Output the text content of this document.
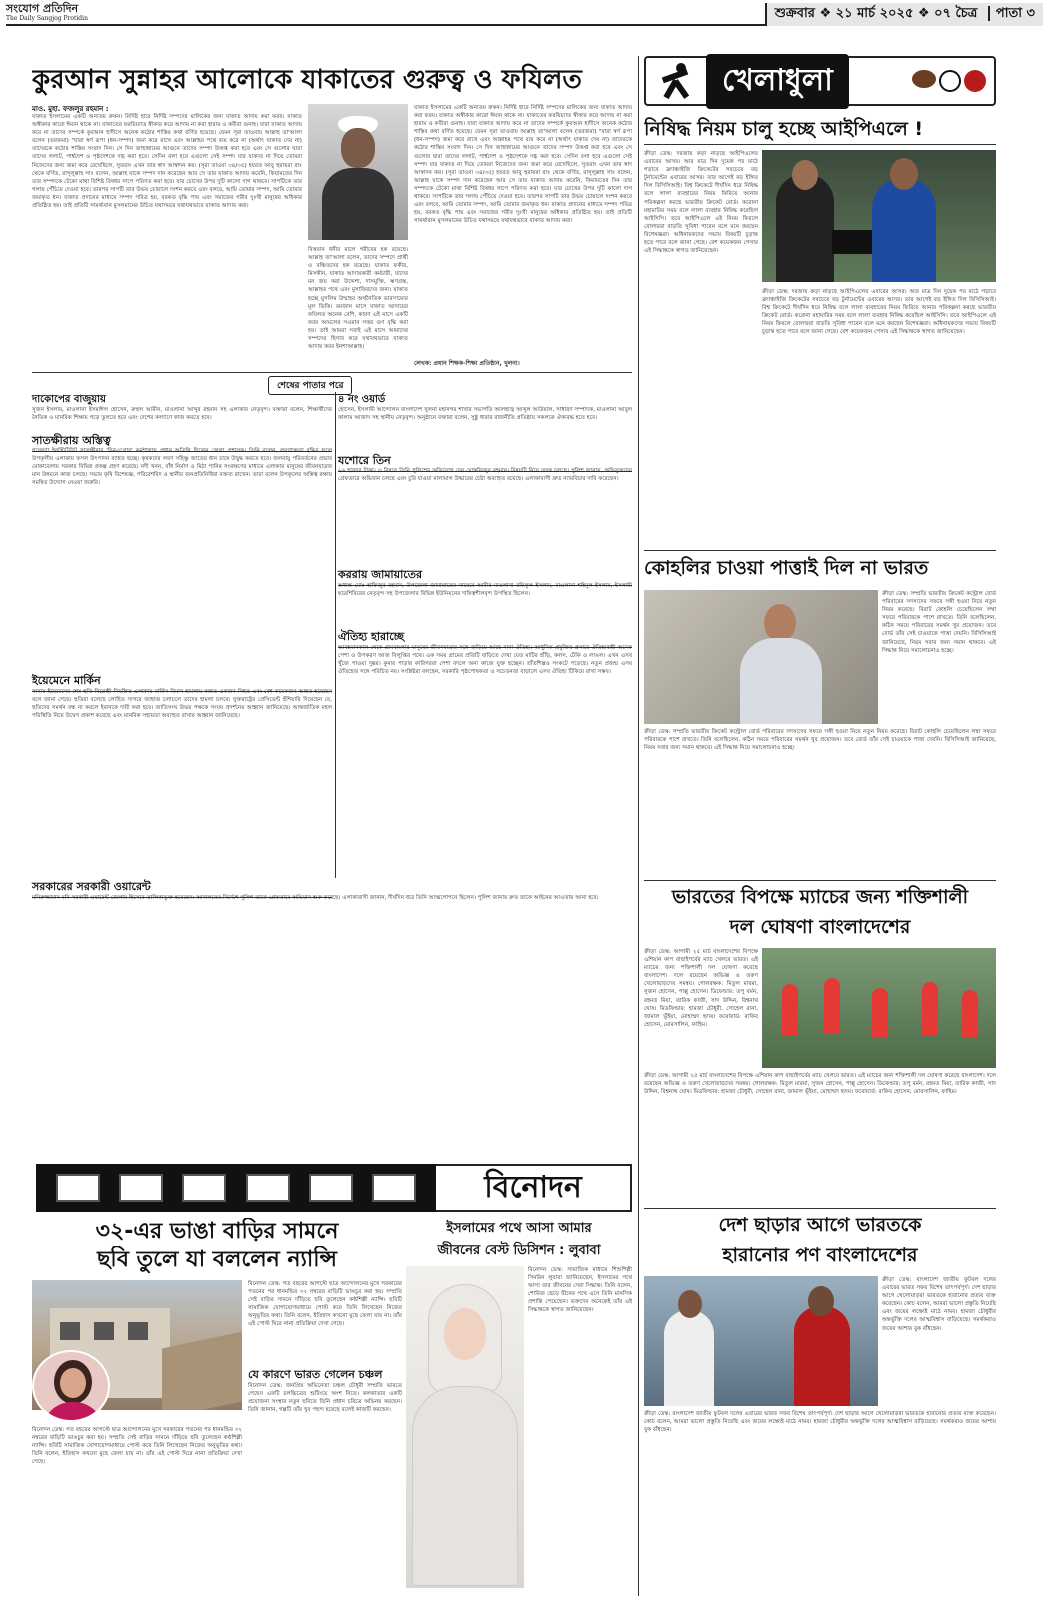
সংযোগ প্রতিদিন
The Daily Sangjog Protidin	শুক্রবার ❖ ২১ মার্চ ২০২৫ ❖ ০৭ চৈত্র পাতা ৩
কুরআন সুন্নাহর আলোকে যাকাতের গুরুত্ব ও ফযিলত
মাও. মুহা. ফজলুর রহমান :
যাকাত ইসলামের একটি অন্যতম রুকন। নির্দিষ্ট হারে নির্দিষ্ট সম্পদের মালিকের জন্য যাকাত আদায় করা ফরয। যাকাত অস্বীকার কারো ঈমান থাকে না। যাকাতের ফরয়িয়্যাত স্বীকার করে আদায় না করা হারাম ও কবীরা গুনাহ। যারা যাকাত আদায় করে না তাদের সম্পর্কে কুরআন হাদীসে অনেক কঠোর শাস্তির কথা বর্ণিত হয়েছে। যেমন সূরা তাওবায় আল্লাহ তা'আলা বলেন (তরজমা) "যারা স্বর্ণ রূপা (ধন-সম্পদ) জমা করে রাখে এবং আল্লাহর পথে ব্যয় করে না (অর্থাৎ যাকাত দেয় না) তাদেরকে কঠোর শাস্তির সংবাদ দিন। সে দিন জাহান্নামের আগুনে তাদের সম্পদ উত্তপ্ত করা হবে এবং সে গুলোর দ্বারা তাদের ললাট, পার্শ্বদেশ ও পৃষ্ঠদেশকে দগ্ধ করা হবে। সেদিন বলা হবে এগুলো সেই সম্পদ যার যাকাত না দিয়ে তোমরা নিজেদের জন্য জমা করে রেখেছিলে, সুতরাং এখন তার স্বাদ আস্বাদন কর। (সূরা তাওবা ৩৪/৩৫) হযরত আবু হুরায়রা রাঃ থেকে বর্ণিত, রাসূলুল্লাহ সাঃ বলেন, আল্লাহ যাকে সম্পদ দান করেছেন আর সে তার যাকাত আদায় করেনি, কিয়ামতের দিন তার সম্পদকে টেকো মাথা বিশিষ্ট বিষধর সাপে পরিণত করা হবে। যার চোখের উপর দুটি কালো দাগ থাকবে। সাপটিকে তার গলায় পেঁচিয়ে দেওয়া হবে। তারপর সাপটি তার উভয় চোয়ালে দংশন করবে এবং বলবে, আমি তোমার সম্পদ, আমি তোমার জমাকৃত ধন। যাকাত প্রদানের মাধ্যমে সম্পদ পবিত্র হয়, বরকত বৃদ্ধি পায় এবং সমাজের গরীব দুঃখী মানুষের অধিকার প্রতিষ্ঠিত হয়। তাই প্রতিটি সামর্থ্যবান মুসলমানের উচিত যথাসময়ে যথাযথভাবে যাকাত আদায় করা।
বিত্তবান ধনীর মালে গরীবের হক রয়েছে। আল্লাহ তা'আলা বলেন, তাদের সম্পদে প্রার্থী ও বঞ্চিতদের হক রয়েছে। যাকাত ফকীর, মিসকীন, যাকাত আদায়কারী কর্মচারী, যাদের মন জয় করা উদ্দেশ্য, দাসমুক্তি, ঋণগ্রস্ত, আল্লাহর পথে এবং মুসাফিরদের জন্য। যাকাত হচ্ছে মুসলিম উম্মাহর অর্থনৈতিক ভারসাম্যের মূল ভিত্তি। রমজান মাসে যাকাত আদায়ের ফযিলত অনেক বেশি, কারণ এই মাসে একটি ফরয আমলের সওয়াব সত্তর গুণ বৃদ্ধি করা হয়। তাই আমরা সবাই এই মাসে আমাদের সম্পদের হিসাব করে যথাযথভাবে যাকাত আদায় করব ইনশাআল্লাহ।
যাকাত ইসলামের একটি অন্যতম রুকন। নির্দিষ্ট হারে নির্দিষ্ট সম্পদের মালিকের জন্য যাকাত আদায় করা ফরয। যাকাত অস্বীকার কারো ঈমান থাকে না। যাকাতের ফরয়িয়্যাত স্বীকার করে আদায় না করা হারাম ও কবীরা গুনাহ। যারা যাকাত আদায় করে না তাদের সম্পর্কে কুরআন হাদীসে অনেক কঠোর শাস্তির কথা বর্ণিত হয়েছে। যেমন সূরা তাওবায় আল্লাহ তা'আলা বলেন (তরজমা) "যারা স্বর্ণ রূপা (ধন-সম্পদ) জমা করে রাখে এবং আল্লাহর পথে ব্যয় করে না (অর্থাৎ যাকাত দেয় না) তাদেরকে কঠোর শাস্তির সংবাদ দিন। সে দিন জাহান্নামের আগুনে তাদের সম্পদ উত্তপ্ত করা হবে এবং সে গুলোর দ্বারা তাদের ললাট, পার্শ্বদেশ ও পৃষ্ঠদেশকে দগ্ধ করা হবে। সেদিন বলা হবে এগুলো সেই সম্পদ যার যাকাত না দিয়ে তোমরা নিজেদের জন্য জমা করে রেখেছিলে, সুতরাং এখন তার স্বাদ আস্বাদন কর। (সূরা তাওবা ৩৪/৩৫) হযরত আবু হুরায়রা রাঃ থেকে বর্ণিত, রাসূলুল্লাহ সাঃ বলেন, আল্লাহ যাকে সম্পদ দান করেছেন আর সে তার যাকাত আদায় করেনি, কিয়ামতের দিন তার সম্পদকে টেকো মাথা বিশিষ্ট বিষধর সাপে পরিণত করা হবে। যার চোখের উপর দুটি কালো দাগ থাকবে। সাপটিকে তার গলায় পেঁচিয়ে দেওয়া হবে। তারপর সাপটি তার উভয় চোয়ালে দংশন করবে এবং বলবে, আমি তোমার সম্পদ, আমি তোমার জমাকৃত ধন। যাকাত প্রদানের মাধ্যমে সম্পদ পবিত্র হয়, বরকত বৃদ্ধি পায় এবং সমাজের গরীব দুঃখী মানুষের অধিকার প্রতিষ্ঠিত হয়। তাই প্রতিটি সামর্থ্যবান মুসলমানের উচিত যথাসময়ে যথাযথভাবে যাকাত আদায় করা।
লেখক: প্রধান শিক্ষক-শিক্ষা প্রতিষ্ঠান, খুলনা।
শেষের পাতার পরে
দাকোপের বাজুয়ায়
সুজন ইসলাম, মাওলানা ইসমাঈল হোসেন, রুহুল আমীন, মাওলানা আব্দুর রহমান সহ এলাকার নেতৃবৃন্দ। বক্তারা বলেন, শিক্ষার্থীদের নৈতিক ও মানবিক শিক্ষায় গড়ে তুলতে হবে এবং দেশের কল্যাণে কাজ করতে হবে।
সাতক্ষীরায় অস্তিত্ব
গবেষণা ইনস্টিটিউট সাতক্ষীরার 'বিনএগ্রোর' কর্মশালায় প্রধান অতিথি ছিলেন জেলা প্রশাসক। তিনি বলেন, লবণাক্ততা বৃদ্ধির ফলে উপকূলীয় এলাকায় ফসল উৎপাদন ব্যাহত হচ্ছে। কৃষকদের লবণ সহিষ্ণু জাতের ধান চাষে উদ্বুদ্ধ করতে হবে। জলবায়ু পরিবর্তনের প্রভাব মোকাবেলায় সরকার বিভিন্ন প্রকল্প গ্রহণ করেছে। নদী খনন, বাঁধ নির্মাণ ও মিঠা পানির সংরক্ষণের মাধ্যমে এলাকার মানুষের জীবনযাত্রার মান উন্নয়নে কাজ চলছে। সভায় কৃষি বিশেষজ্ঞ, পরিবেশবিদ ও স্থানীয় জনপ্রতিনিধিরা বক্তব্য রাখেন। তারা বলেন উপকূলের অস্তিত্ব রক্ষায় সমন্বিত উদ্যোগ নেওয়া জরুরি।
ইয়েমেনে মার্কিন
সানায় ইয়েমেনের শেষ হুতি বিদ্রোহী নিয়ন্ত্রিত এলাকায় মার্কিন বিমান হামলায় অন্তত একজন নিহত এবং বেশ কয়েকজন আহত হয়েছেন বলে জানা গেছে। হুতিরা বলেছে লোহিত সাগরে জাহাজ চলাচলে তাদের হামলা চলবে। যুক্তরাষ্ট্রের প্রেসিডেন্ট হুঁশিয়ারি দিয়েছেন যে, হুতিদের সমর্থন বন্ধ না করলে ইরানকে দায়ী করা হবে। জাতিসংঘ উভয় পক্ষকে সংযম প্রদর্শনের আহ্বান জানিয়েছে। আন্তর্জাতিক মহল পরিস্থিতি নিয়ে উদ্বেগ প্রকাশ করেছে এবং মানবিক সহায়তা অব্যাহত রাখার আহ্বান জানিয়েছে।
সরকারের সরকারী ওয়ারেন্ট
মনিরুজ্জামান মনি সরকারী ওয়ারেন্ট জেলায় হিসেবে তালিকাভুক্ত হয়েছেন। আদালতের নির্দেশে পুলিশ তাকে গ্রেফতারে অভিযান শুরু করেছে। এলাকাবাসী জানান, দীর্ঘদিন ধরে তিনি আত্মগোপনে ছিলেন। পুলিশ জানায় দ্রুত তাকে আইনের আওতায় আনা হবে।
৪ নং ওয়ার্ড
হোসেন, ইসলামী আন্দোলন বাংলাদেশ খুলনা মহানগর শাখার সভাপতি আলহাজ্ব আব্দুল আউয়াল, সাধারণ সম্পাদক, মাওলানা আবুল কালাম আজাদ সহ স্থানীয় নেতৃবৃন্দ। অনুষ্ঠানে বক্তারা বলেন, সুষ্ঠু ধারার রাজনীতি প্রতিষ্ঠায় সকলকে ঐক্যবদ্ধ হতে হবে।
যশোরে তিন
৯৬ হাজার টাকা। এ বিষয়ে তিনি পুলিশের অভিযোগ দেন মোস্তফিজুর রহমান। বিষয়টি নিয়ে তদন্ত চলছে। পুলিশ জানায়, অভিযুক্তদের গ্রেফতারে অভিযান চলছে এবং চুরি যাওয়া মালামাল উদ্ধারের চেষ্টা অব্যাহত রয়েছে। এলাকাবাসী দ্রুত ন্যায়বিচার দাবি করেছেন।
কররায় জামায়াতের
অধ্যক্ষ মোঃ হাফিজুর রহমান, উপজেলা জামায়াতের নায়েবে আমীর মাওলানা রফিকুল ইসলাম, মাওলানা শহিদুল ইসলাম, ইসলামী ছাত্রশিবিরের নেতৃবৃন্দ সহ উপজেলার বিভিন্ন ইউনিয়নের দায়িত্বশীলবৃন্দ উপস্থিত ছিলেন।
ঐতিহ্য হারাচ্ছে
আবহমানকাল থেকে গ্রামবাংলার মানুষের জীবনযাত্রার সঙ্গে জড়িয়ে আছে নানা ঐতিহ্য। আধুনিক প্রযুক্তির প্রসারে ঐতিহ্যবাহী অনেক পেশা ও উপকরণ আজ বিলুপ্তির পথে। এক সময় গ্রামের প্রতিটি বাড়িতে দেখা যেত মাটির হাঁড়ি, কলস, ঢেঁকি ও লাঙল। এখন এসব খুঁজে পাওয়া দুষ্কর। কুমার পাড়ার কারিগররা পেশা বদলে অন্য কাজে যুক্ত হচ্ছেন। তাঁতশিল্পও সংকটে পড়েছে। নতুন প্রজন্ম এসব ঐতিহ্যের সঙ্গে পরিচিত নয়। সংশ্লিষ্টরা বলছেন, সরকারি পৃষ্ঠপোষকতা ও সচেতনতা বাড়ালে এসব ঐতিহ্য টিকিয়ে রাখা সম্ভব।
বিনোদন
৩২-এর ভাঙা বাড়ির সামনে
ছবি তুলে যা বললেন ন্যান্সি
বিনোদন ডেস্ক: গত বছরের আগস্টে ছাত্র আন্দোলনের মুখে সরকারের পতনের পর ধানমন্ডির ৩২ নম্বরের বাড়িটি ভাঙচুর করা হয়। সম্প্রতি সেই বাড়ির সামনে দাঁড়িয়ে ছবি তুলেছেন কণ্ঠশিল্পী ন্যান্সি। ছবিটি সামাজিক যোগাযোগমাধ্যমে পোস্ট করে তিনি লিখেছেন নিজের অনুভূতির কথা। তিনি বলেন, ইতিহাস কখনো মুছে ফেলা যায় না। তাঁর এই পোস্ট ঘিরে নানা প্রতিক্রিয়া দেখা গেছে।
বিনোদন ডেস্ক: গত বছরের আগস্টে ছাত্র আন্দোলনের মুখে সরকারের পতনের পর ধানমন্ডির ৩২ নম্বরের বাড়িটি ভাঙচুর করা হয়। সম্প্রতি সেই বাড়ির সামনে দাঁড়িয়ে ছবি তুলেছেন কণ্ঠশিল্পী ন্যান্সি। ছবিটি সামাজিক যোগাযোগমাধ্যমে পোস্ট করে তিনি লিখেছেন নিজের অনুভূতির কথা। তিনি বলেন, ইতিহাস কখনো মুছে ফেলা যায় না। তাঁর এই পোস্ট ঘিরে নানা প্রতিক্রিয়া দেখা গেছে।
যে কারণে ভারত গেলেন চঞ্চল
বিনোদন ডেস্ক: জনপ্রিয় অভিনেতা চঞ্চল চৌধুরী সম্প্রতি ভারতে গেছেন একটি চলচ্চিত্রের শুটিংয়ে অংশ নিতে। কলকাতার একটি প্রযোজনা সংস্থার নতুন ছবিতে তিনি প্রধান চরিত্রে অভিনয় করছেন। তিনি জানান, গল্পটি তাঁর খুব পছন্দ হয়েছে বলেই কাজটি করছেন।
ইসলামের পথে আসা আমার
জীবনের বেস্ট ডিসিশন : লুবাবা
বিনোদন ডেস্ক: সামাজিক মাধ্যমে শিশুশিল্পী সিমরিন লুবাবা জানিয়েছেন, ইসলামের পথে আসা তার জীবনের সেরা সিদ্ধান্ত। তিনি বলেন, শোবিজ ছেড়ে দ্বীনের পথে এসে তিনি মানসিক প্রশান্তি পেয়েছেন। ভক্তদের অনেকেই তাঁর এই সিদ্ধান্তকে স্বাগত জানিয়েছেন।
খেলাধুলা
নিষিদ্ধ নিয়ম চালু হচ্ছে আইপিএলে !
ক্রীড়া ডেস্ক: দরজায় কড়া নাড়ছে আইপিএলের এবারের আসর। আর মাত্র দিন দুয়েক পর মাঠে গড়াবে ফ্র্যাঞ্চাইজি ক্রিকেটের সবচেয়ে বড় টুর্নামেন্টের এবারের আসর। তার আগেই বড় ইঙ্গিত দিল বিসিসিআই। বিশ্ব ক্রিকেটে দীর্ঘদিন ধরে নিষিদ্ধ বলে লালা ব্যবহারের নিয়ম ফিরিয়ে আনার পরিকল্পনা করছে ভারতীয় ক্রিকেট বোর্ড। করোনা মহামারির সময় বলে লালা ব্যবহার নিষিদ্ধ করেছিল আইসিসি। তবে আইপিএলে এই নিয়ম ফিরলে বোলাররা বাড়তি সুবিধা পাবেন বলে মনে করছেন বিশেষজ্ঞরা। অধিনায়কদের সভায় বিষয়টি চূড়ান্ত হতে পারে বলে জানা গেছে। বেশ কয়েকজন পেসার এই সিদ্ধান্তকে স্বাগত জানিয়েছেন।
ক্রীড়া ডেস্ক: দরজায় কড়া নাড়ছে আইপিএলের এবারের আসর। আর মাত্র দিন দুয়েক পর মাঠে গড়াবে ফ্র্যাঞ্চাইজি ক্রিকেটের সবচেয়ে বড় টুর্নামেন্টের এবারের আসর। তার আগেই বড় ইঙ্গিত দিল বিসিসিআই। বিশ্ব ক্রিকেটে দীর্ঘদিন ধরে নিষিদ্ধ বলে লালা ব্যবহারের নিয়ম ফিরিয়ে আনার পরিকল্পনা করছে ভারতীয় ক্রিকেট বোর্ড। করোনা মহামারির সময় বলে লালা ব্যবহার নিষিদ্ধ করেছিল আইসিসি। তবে আইপিএলে এই নিয়ম ফিরলে বোলাররা বাড়তি সুবিধা পাবেন বলে মনে করছেন বিশেষজ্ঞরা। অধিনায়কদের সভায় বিষয়টি চূড়ান্ত হতে পারে বলে জানা গেছে। বেশ কয়েকজন পেসার এই সিদ্ধান্তকে স্বাগত জানিয়েছেন।
কোহলির চাওয়া পাত্তাই দিল না ভারত
ক্রীড়া ডেস্ক: সম্প্রতি ভারতীয় ক্রিকেট কন্ট্রোল বোর্ড পরিবারের সদস্যদের সফরে সঙ্গী হওয়া নিয়ে নতুন নিয়ম করেছে। বিরাট কোহলি চেয়েছিলেন লম্বা সফরে পরিবারকে পাশে রাখতে। তিনি বলেছিলেন, কঠিন সময়ে পরিবারের সমর্থন খুব প্রয়োজন। তবে বোর্ড তাঁর সেই চাওয়াকে পাত্তা দেয়নি। বিসিসিআই জানিয়েছে, নিয়ম সবার জন্য সমান থাকবে। এই সিদ্ধান্ত নিয়ে সমালোচনাও হচ্ছে।
ক্রীড়া ডেস্ক: সম্প্রতি ভারতীয় ক্রিকেট কন্ট্রোল বোর্ড পরিবারের সদস্যদের সফরে সঙ্গী হওয়া নিয়ে নতুন নিয়ম করেছে। বিরাট কোহলি চেয়েছিলেন লম্বা সফরে পরিবারকে পাশে রাখতে। তিনি বলেছিলেন, কঠিন সময়ে পরিবারের সমর্থন খুব প্রয়োজন। তবে বোর্ড তাঁর সেই চাওয়াকে পাত্তা দেয়নি। বিসিসিআই জানিয়েছে, নিয়ম সবার জন্য সমান থাকবে। এই সিদ্ধান্ত নিয়ে সমালোচনাও হচ্ছে।
ভারতের বিপক্ষে ম্যাচের জন্য শক্তিশালী
দল ঘোষণা বাংলাদেশের
ক্রীড়া ডেস্ক: আগামী ২৫ মার্চ বাংলাদেশের বিপক্ষে এশিয়ান কাপ বাছাইপর্বের ম্যাচ খেলবে ভারত। এই ম্যাচের জন্য শক্তিশালী দল ঘোষণা করেছে বাংলাদেশ। দলে রয়েছেন অভিজ্ঞ ও তরুণ খেলোয়াড়দের সমন্বয়। গোলরক্ষক: মিতুল মারমা, সুজন হোসেন, পাপ্পু হোসেন। ডিফেন্ডার: তপু বর্মন, রহমত মিয়া, তারিক কাজী, সাদ উদ্দিন, বিশ্বনাথ ঘোষ। মিডফিল্ডার: হামজা চৌধুরী, সোহেল রানা, জামাল ভূঁইয়া, মোহাম্মদ হৃদয়। ফরোয়ার্ড: রাকিব হোসেন, মোরসালিন, ফাহিম।
ক্রীড়া ডেস্ক: আগামী ২৫ মার্চ বাংলাদেশের বিপক্ষে এশিয়ান কাপ বাছাইপর্বের ম্যাচ খেলবে ভারত। এই ম্যাচের জন্য শক্তিশালী দল ঘোষণা করেছে বাংলাদেশ। দলে রয়েছেন অভিজ্ঞ ও তরুণ খেলোয়াড়দের সমন্বয়। গোলরক্ষক: মিতুল মারমা, সুজন হোসেন, পাপ্পু হোসেন। ডিফেন্ডার: তপু বর্মন, রহমত মিয়া, তারিক কাজী, সাদ উদ্দিন, বিশ্বনাথ ঘোষ। মিডফিল্ডার: হামজা চৌধুরী, সোহেল রানা, জামাল ভূঁইয়া, মোহাম্মদ হৃদয়। ফরোয়ার্ড: রাকিব হোসেন, মোরসালিন, ফাহিম।
দেশ ছাড়ার আগে ভারতকে
হারানোর পণ বাংলাদেশের
ক্রীড়া ডেস্ক: বাংলাদেশ জাতীয় ফুটবল দলের এবারের ভারত সফর বিশেষ তাৎপর্যপূর্ণ। দেশ ছাড়ার আগে খেলোয়াড়রা ভারতকে হারানোর প্রত্যয় ব্যক্ত করেছেন। কোচ বলেন, আমরা ভালো প্রস্তুতি নিয়েছি এবং জয়ের লক্ষ্যেই মাঠে নামব। হামজা চৌধুরীর অন্তর্ভুক্তি দলের আত্মবিশ্বাস বাড়িয়েছে। সমর্থকরাও জয়ের আশায় বুক বাঁধছেন।
ক্রীড়া ডেস্ক: বাংলাদেশ জাতীয় ফুটবল দলের এবারের ভারত সফর বিশেষ তাৎপর্যপূর্ণ। দেশ ছাড়ার আগে খেলোয়াড়রা ভারতকে হারানোর প্রত্যয় ব্যক্ত করেছেন। কোচ বলেন, আমরা ভালো প্রস্তুতি নিয়েছি এবং জয়ের লক্ষ্যেই মাঠে নামব। হামজা চৌধুরীর অন্তর্ভুক্তি দলের আত্মবিশ্বাস বাড়িয়েছে। সমর্থকরাও জয়ের আশায় বুক বাঁধছেন।
